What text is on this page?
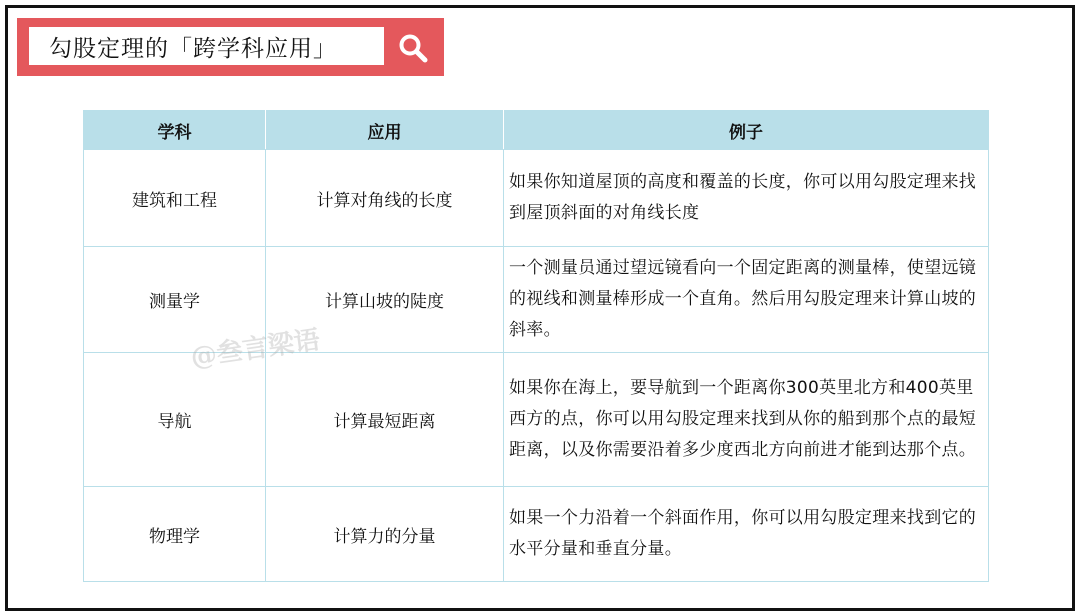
勾股定理的「跨学科应用」
学科	应用	例子
建筑和工程	计算对角线的长度	如果你知道屋顶的高度和覆盖的长度，你可以用勾股定理来找到屋顶斜面的对角线长度
测量学	计算山坡的陡度	一个测量员通过望远镜看向一个固定距离的测量棒，使望远镜的视线和测量棒形成一个直角。然后用勾股定理来计算山坡的斜率。
导航	计算最短距离	如果你在海上，要导航到一个距离你300英里北方和400英里西方的点，你可以用勾股定理来找到从你的船到那个点的最短距离，以及你需要沿着多少度西北方向前进才能到达那个点。
物理学	计算力的分量	如果一个力沿着一个斜面作用，你可以用勾股定理来找到它的水平分量和垂直分量。
@叁言梁语
